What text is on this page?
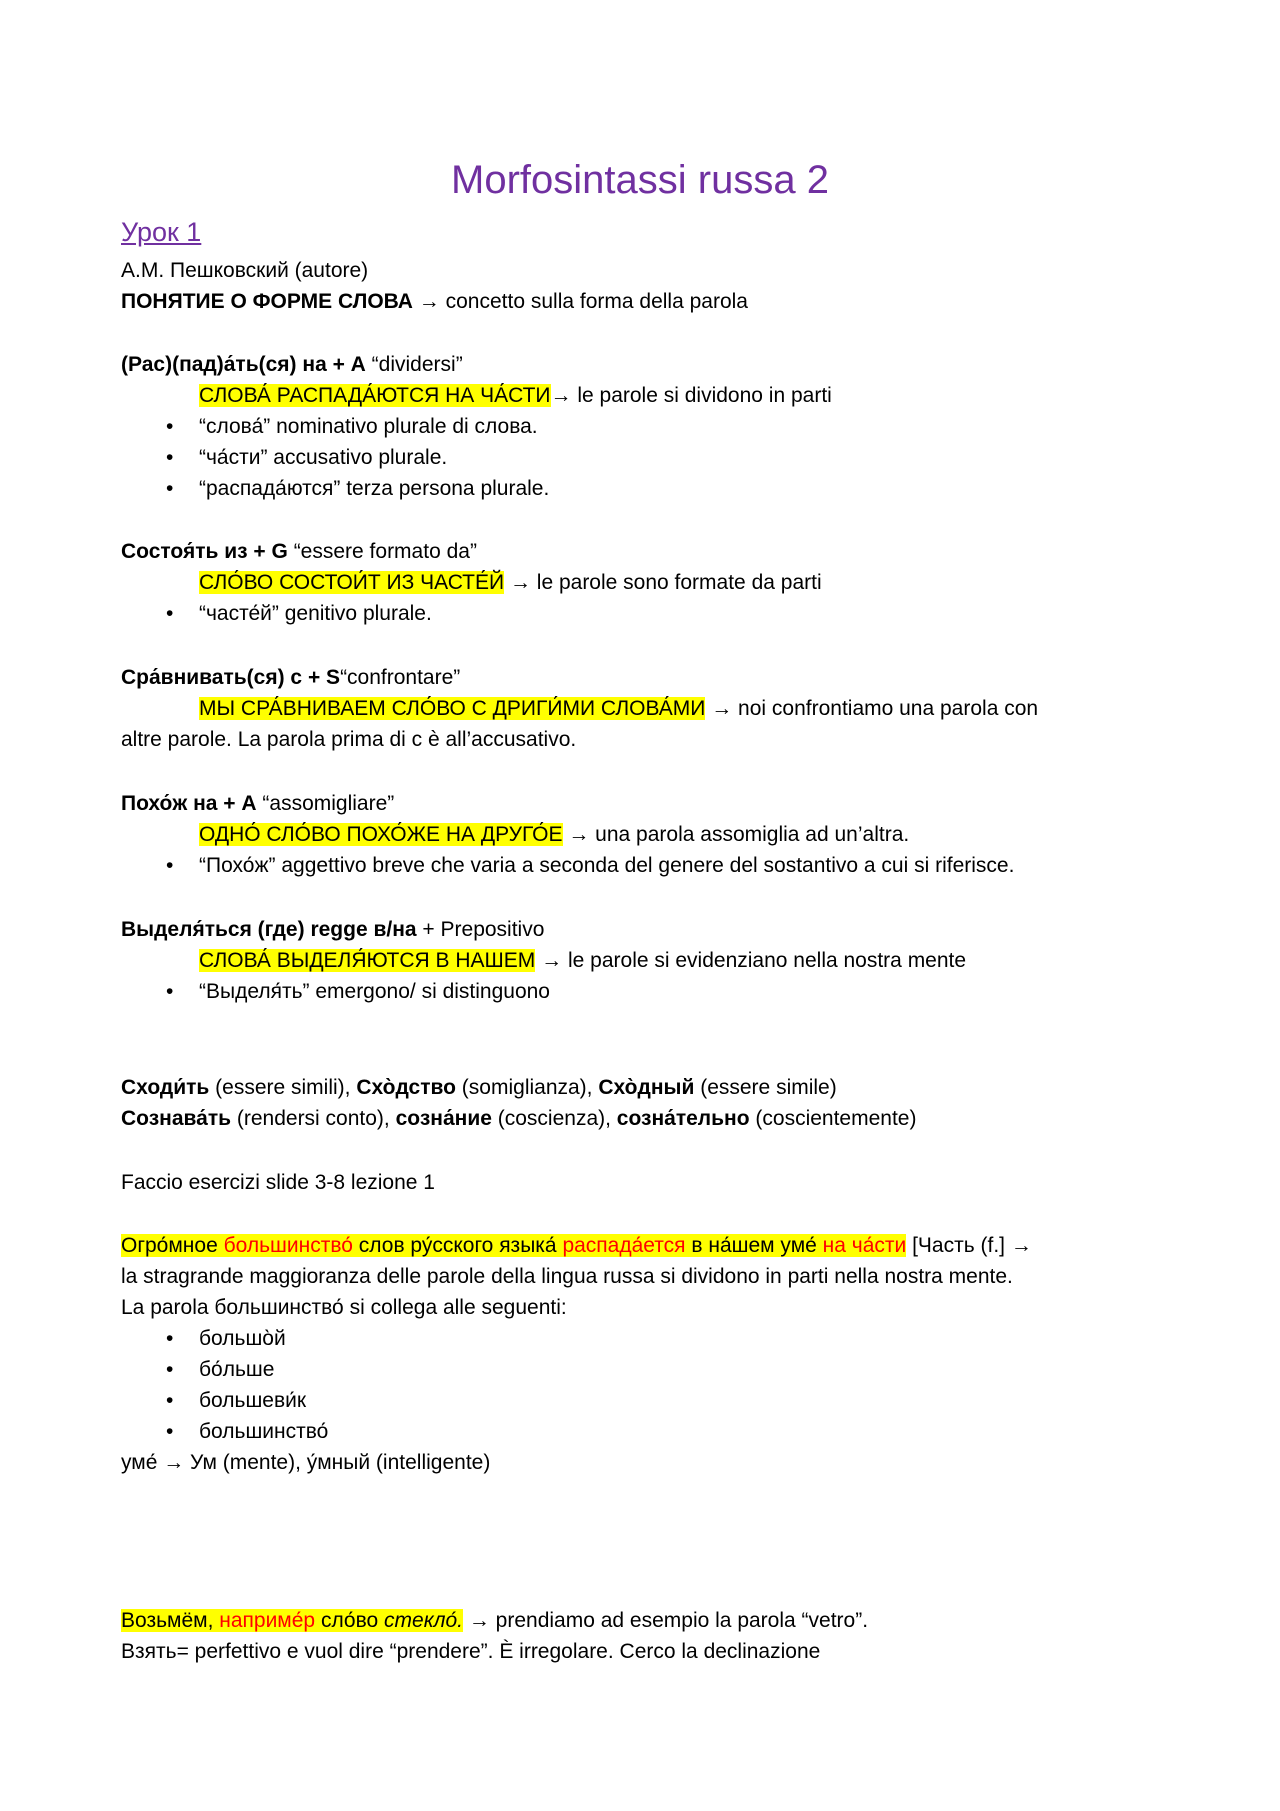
Morfosintassi russa 2
Урок 1
А.М. Пешковский (autore)
ПОНЯТИЕ О ФОРМЕ СЛОВА → concetto sulla forma della parola
(Рас)(пад)а́ть(ся) на + А “dividersi”
СЛОВА́ РАСПАДА́ЮТСЯ НА ЧА́СТИ→ le parole si dividono in parti
• “слова́” nominativo plurale di слова.
• “ча́сти” accusativo plurale.
• “распада́ются” terza persona plurale.
Состоя́ть из + G “essere formato da”
СЛО́ВО СОСТОИ́Т ИЗ ЧАСТЕ́Й → le parole sono formate da parti
• “часте́й” genitivo plurale.
Сра́внивать(ся) с + S“confrontare”
МЫ СРА́ВНИВАЕМ СЛО́ВО С ДРИГИ́МИ СЛОВА́МИ → noi confrontiamo una parola con
altre parole. La parola prima di с è all’accusativo.
Похо́ж на + А “assomigliare”
ОДНО́ СЛО́ВО ПОХО́ЖЕ НА ДРУГО́Е → una parola assomiglia ad un’altra.
• “Похо́ж” aggettivo breve che varia a seconda del genere del sostantivo a cui si riferisce.
Выделя́ться (где) regge в/на + Prepositivo
СЛОВА́ ВЫДЕЛЯ́ЮТСЯ В НАШЕМ → le parole si evidenziano nella nostra mente
• “Выделя́ть” emergono/ si distinguono
Сходи́ть (essere simili), Схо̀дство (somiglianza), Схо̀дный (essere simile)
Сознава́ть (rendersi conto), созна́ние (coscienza), созна́тельно (coscientemente)
Faccio esercizi slide 3-8 lezione 1
Огро́мное большинство́ слов ру́сского языка́ распада́ется в на́шем уме́ на ча́сти [Часть (f.] →
la stragrande maggioranza delle parole della lingua russa si dividono in parti nella nostra mente.
La parola большинство́ si collega alle seguenti:
• большо̀й
• бо́льше
• большеви́к
• большинство́
уме́ → Ум (mente), у́мный (intelligente)
Возьмём, наприме́р сло́во стекло́. → prendiamo ad esempio la parola “vetro”.
Взять= perfettivo e vuol dire “prendere”. È irregolare. Cerco la declinazione
